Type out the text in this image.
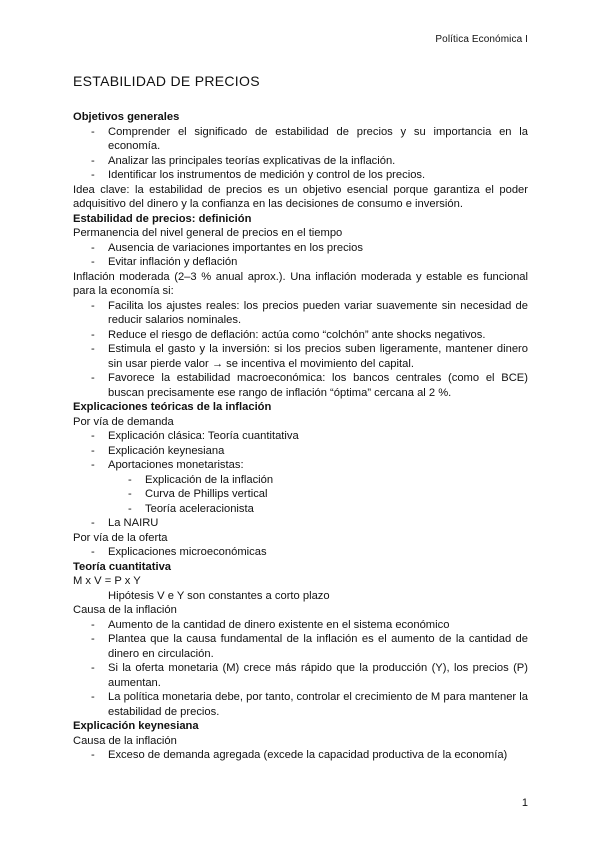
Política Económica I
ESTABILIDAD DE PRECIOS
Objetivos generales
- Comprender el significado de estabilidad de precios y su importancia en la economía.
- Analizar las principales teorías explicativas de la inflación.
- Identificar los instrumentos de medición y control de los precios.
Idea clave: la estabilidad de precios es un objetivo esencial porque garantiza el poder adquisitivo del dinero y la confianza en las decisiones de consumo e inversión.
Estabilidad de precios: definición
Permanencia del nivel general de precios en el tiempo
- Ausencia de variaciones importantes en los precios
- Evitar inflación y deflación
Inflación moderada (2–3 % anual aprox.). Una inflación moderada y estable es funcional para la economía si:
- Facilita los ajustes reales: los precios pueden variar suavemente sin necesidad de reducir salarios nominales.
- Reduce el riesgo de deflación: actúa como “colchón” ante shocks negativos.
- Estimula el gasto y la inversión: si los precios suben ligeramente, mantener dinero sin usar pierde valor → se incentiva el movimiento del capital.
- Favorece la estabilidad macroeconómica: los bancos centrales (como el BCE) buscan precisamente ese rango de inflación “óptima” cercana al 2 %.
Explicaciones teóricas de la inflación
Por vía de demanda
- Explicación clásica: Teoría cuantitativa
- Explicación keynesiana
- Aportaciones monetaristas:
- Explicación de la inflación
- Curva de Phillips vertical
- Teoría aceleracionista
- La NAIRU
Por vía de la oferta
- Explicaciones microeconómicas
Teoría cuantitativa
M x V = P x Y
Hipótesis V e Y son constantes a corto plazo
Causa de la inflación
- Aumento de la cantidad de dinero existente en el sistema económico
- Plantea que la causa fundamental de la inflación es el aumento de la cantidad de dinero en circulación.
- Si la oferta monetaria (M) crece más rápido que la producción (Y), los precios (P) aumentan.
- La política monetaria debe, por tanto, controlar el crecimiento de M para mantener la estabilidad de precios.
Explicación keynesiana
Causa de la inflación
- Exceso de demanda agregada (excede la capacidad productiva de la economía)
1
